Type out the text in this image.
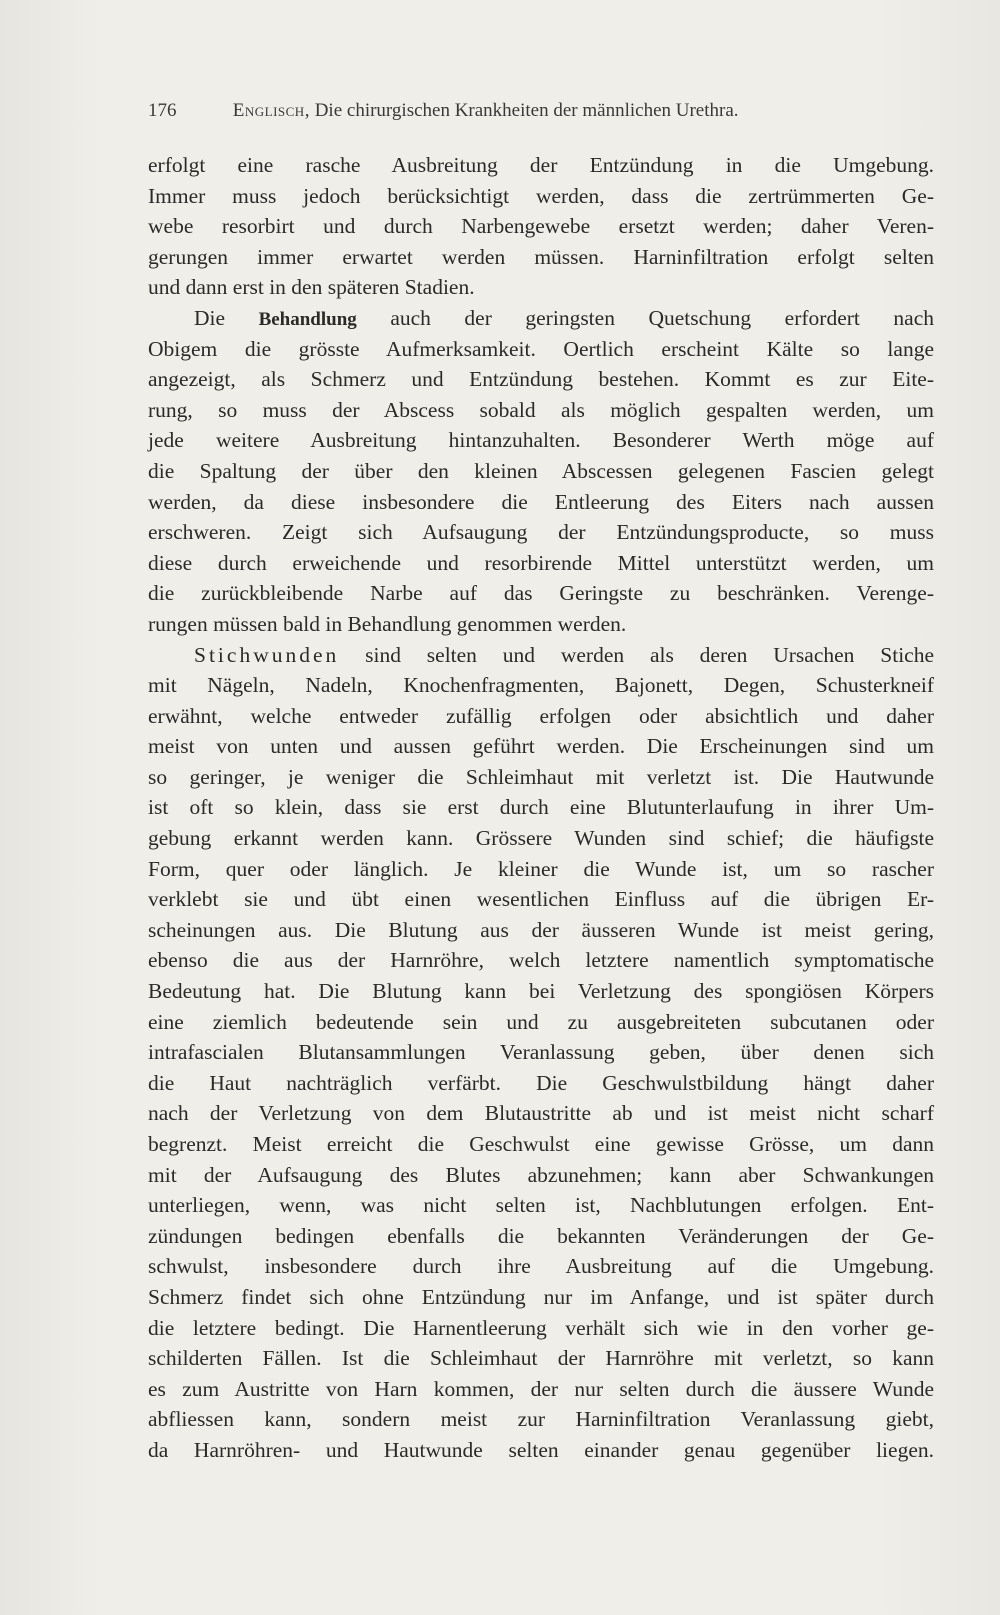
176	Englisch, Die chirurgischen Krankheiten der männlichen Urethra.
erfolgt eine rasche Ausbreitung der Entzündung in die Umgebung.
Immer muss jedoch berücksichtigt werden, dass die zertrümmerten Ge-
webe resorbirt und durch Narbengewebe ersetzt werden; daher Veren-
gerungen immer erwartet werden müssen. Harninfiltration erfolgt selten
und dann erst in den späteren Stadien.
Die Behandlung auch der geringsten Quetschung erfordert nach
Obigem die grösste Aufmerksamkeit. Oertlich erscheint Kälte so lange
angezeigt, als Schmerz und Entzündung bestehen. Kommt es zur Eite-
rung, so muss der Abscess sobald als möglich gespalten werden, um
jede weitere Ausbreitung hintanzuhalten. Besonderer Werth möge auf
die Spaltung der über den kleinen Abscessen gelegenen Fascien gelegt
werden, da diese insbesondere die Entleerung des Eiters nach aussen
erschweren. Zeigt sich Aufsaugung der Entzündungsproducte, so muss
diese durch erweichende und resorbirende Mittel unterstützt werden, um
die zurückbleibende Narbe auf das Geringste zu beschränken. Verenge-
rungen müssen bald in Behandlung genommen werden.
Stichwunden sind selten und werden als deren Ursachen Stiche
mit Nägeln, Nadeln, Knochenfragmenten, Bajonett, Degen, Schusterkneif
erwähnt, welche entweder zufällig erfolgen oder absichtlich und daher
meist von unten und aussen geführt werden. Die Erscheinungen sind um
so geringer, je weniger die Schleimhaut mit verletzt ist. Die Hautwunde
ist oft so klein, dass sie erst durch eine Blutunterlaufung in ihrer Um-
gebung erkannt werden kann. Grössere Wunden sind schief; die häufigste
Form, quer oder länglich. Je kleiner die Wunde ist, um so rascher
verklebt sie und übt einen wesentlichen Einfluss auf die übrigen Er-
scheinungen aus. Die Blutung aus der äusseren Wunde ist meist gering,
ebenso die aus der Harnröhre, welch letztere namentlich symptomatische
Bedeutung hat. Die Blutung kann bei Verletzung des spongiösen Körpers
eine ziemlich bedeutende sein und zu ausgebreiteten subcutanen oder
intrafascialen Blutansammlungen Veranlassung geben, über denen sich
die Haut nachträglich verfärbt. Die Geschwulstbildung hängt daher
nach der Verletzung von dem Blutaustritte ab und ist meist nicht scharf
begrenzt. Meist erreicht die Geschwulst eine gewisse Grösse, um dann
mit der Aufsaugung des Blutes abzunehmen; kann aber Schwankungen
unterliegen, wenn, was nicht selten ist, Nachblutungen erfolgen. Ent-
zündungen bedingen ebenfalls die bekannten Veränderungen der Ge-
schwulst, insbesondere durch ihre Ausbreitung auf die Umgebung.
Schmerz findet sich ohne Entzündung nur im Anfange, und ist später durch
die letztere bedingt. Die Harnentleerung verhält sich wie in den vorher ge-
schilderten Fällen. Ist die Schleimhaut der Harnröhre mit verletzt, so kann
es zum Austritte von Harn kommen, der nur selten durch die äussere Wunde
abfliessen kann, sondern meist zur Harninfiltration Veranlassung giebt,
da Harnröhren- und Hautwunde selten einander genau gegenüber liegen.
